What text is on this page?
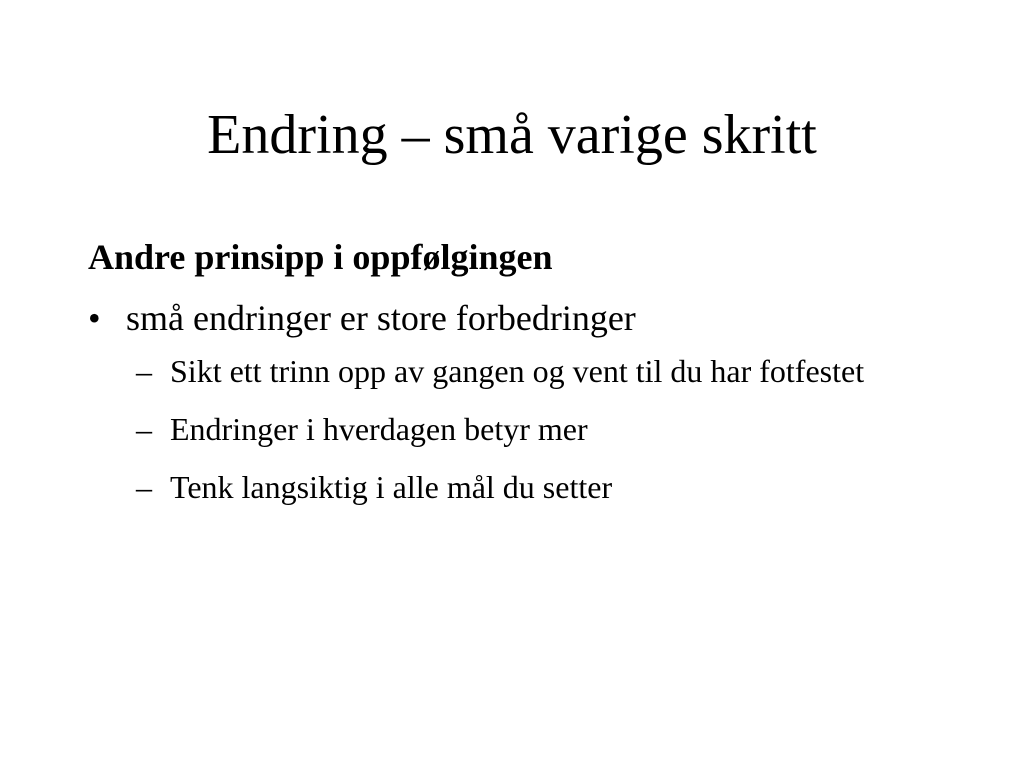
Endring – små varige skritt
Andre prinsipp i oppfølgingen
• små endringer er store forbedringer
– Sikt ett trinn opp av gangen og vent til du har fotfestet
– Endringer i hverdagen betyr mer
– Tenk langsiktig i alle mål du setter
